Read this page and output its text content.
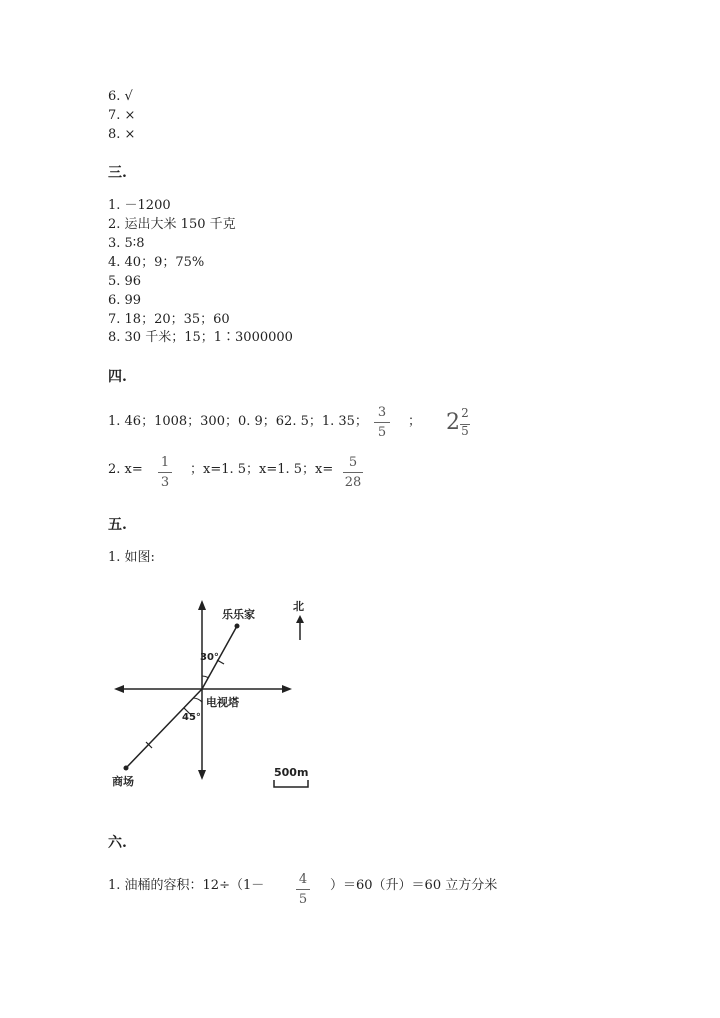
6. √
7. ×
8. ×
三.
1. －1200
2. 运出大米 150 千克
3. 5∶8
4. 40；9；75%
5. 96
6. 99
7. 18；20；35；60
8. 30 千米；15；1∶3000000
四.
1. 46；1008；300；0. 9；62. 5；1. 35；
3
5
； 2 2
5
2. x= 1
3
；x=1. 5；x=1. 5；x=	5
28
五.
1. 如图:
乐乐家
30°
电视塔
45°
商场
北
500m
六.
1. 油桶的容积：12÷（1－	4
5
）＝60（升）＝60 立方分米
